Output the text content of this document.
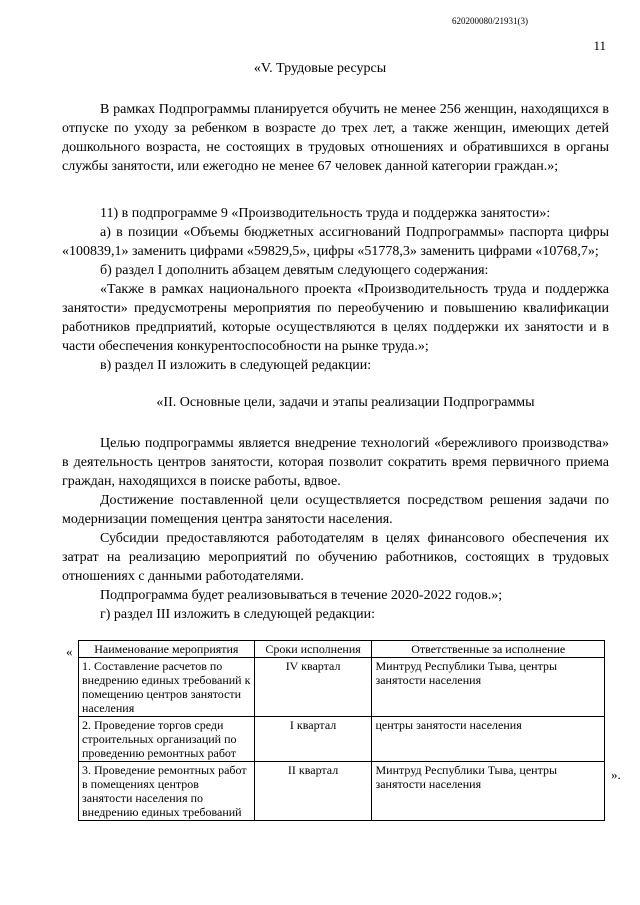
620200080/21931(3)
11
«V. Трудовые ресурсы

В рамках Подпрограммы планируется обучить не менее 256 женщин, находящихся в отпуске по уходу за ребенком в возрасте до трех лет, а также женщин, имеющих детей дошкольного возраста, не состоящих в трудовых отношениях и обратившихся в органы службы занятости, или ежегодно не менее 67 человек данной категории граждан.»;

11) в подпрограмме 9 «Производительность труда и поддержка занятости»:

а) в позиции «Объемы бюджетных ассигнований Подпрограммы» паспорта цифры «100839,1» заменить цифрами «59829,5», цифры «51778,3» заменить цифрами «10768,7»;

б) раздел I дополнить абзацем девятым следующего содержания:

«Также в рамках национального проекта «Производительность труда и поддержка занятости» предусмотрены мероприятия по переобучению и повышению квалификации работников предприятий, которые осуществляются в целях поддержки их занятости и в части обеспечения конкурентоспособности на рынке труда.»;

в) раздел II изложить в следующей редакции:

«II. Основные цели, задачи и этапы реализации Подпрограммы

Целью подпрограммы является внедрение технологий «бережливого производства» в деятельность центров занятости, которая позволит сократить время первичного приема граждан, находящихся в поиске работы, вдвое.

Достижение поставленной цели осуществляется посредством решения задачи по модернизации помещения центра занятости населения.

Субсидии предоставляются работодателям в целях финансового обеспечения их затрат на реализацию мероприятий по обучению работников, состоящих в трудовых отношениях с данными работодателями.

Подпрограмма будет реализовываться в течение 2020-2022 годов.»;

г) раздел III изложить в следующей редакции:

« Наименование мероприятия	Сроки исполнения	Ответственные за исполнение
1. Составление расчетов по внедрению единых требований к помещению центров занятости населения	IV квартал	Минтруд Республики Тыва, центры занятости населения
2. Проведение торгов среди строительных организаций по проведению ремонтных работ	I квартал	центры занятости населения
3. Проведение ремонтных работ в помещениях центров занятости населения по внедрению единых требований	II квартал	Минтруд Республики Тыва, центры занятости населения
».
